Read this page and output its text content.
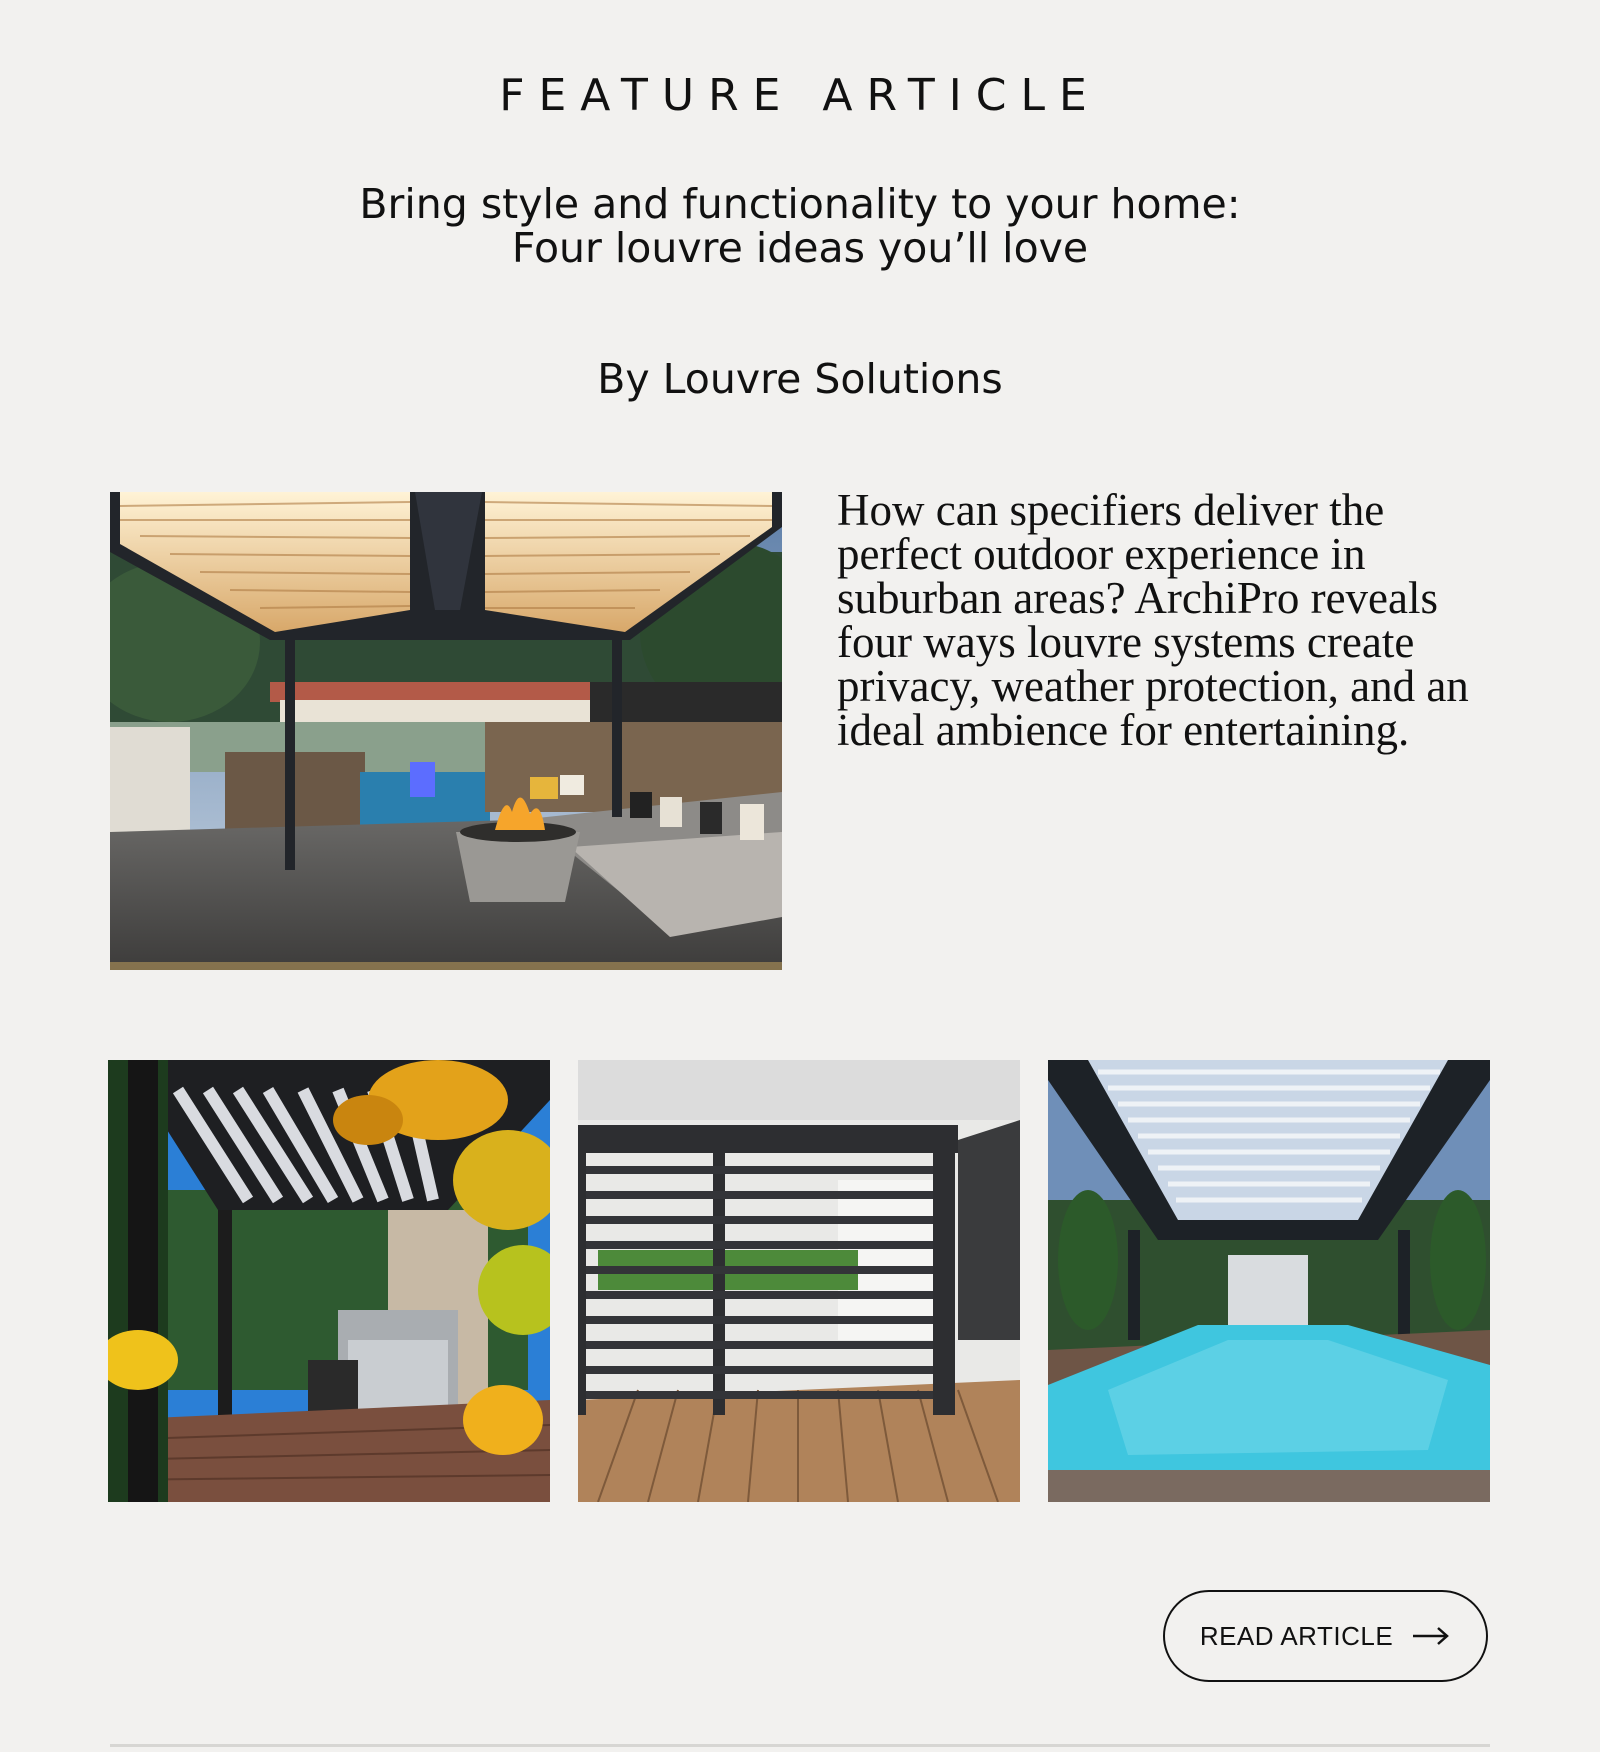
FEATURE ARTICLE
Bring style and functionality to your home:
Four louvre ideas you’ll love
By Louvre Solutions

How can specifiers deliver the perfect outdoor experience in suburban areas? ArchiPro reveals four ways louvre systems create privacy, weather protection, and an ideal ambience for entertaining.

READ ARTICLE
